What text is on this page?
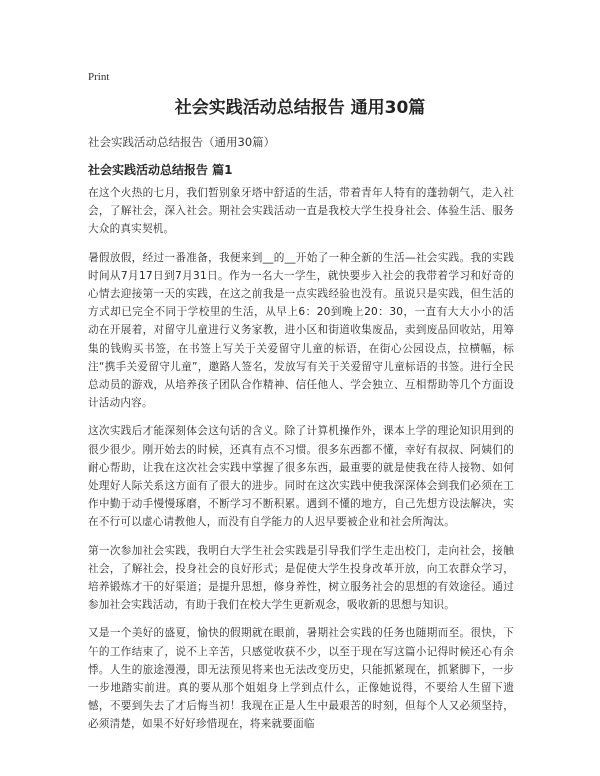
Print
社会实践活动总结报告 通用30篇
社会实践活动总结报告（通用30篇）
社会实践活动总结报告 篇1

在这个火热的七月，我们暂别象牙塔中舒适的生活，带着青年人特有的蓬勃朝气，走入社会，了解社会，深入社会。期社会实践活动一直是我校大学生投身社会、体验生活、服务大众的真实契机。

暑假放假，经过一番准备，我便来到__的__开始了一种全新的生活—社会实践。我的实践时间从7月17日到7月31日。作为一名大一学生，就快要步入社会的我带着学习和好奇的心情去迎接第一天的实践，在这之前我是一点实践经验也没有。虽说只是实践，但生活的方式却已完全不同于学校里的生活，从早上6：20到晚上20：30，一直有大大小小的活动在开展着，对留守儿童进行义务家教，进小区和街道收集废品，卖到废品回收站，用筹集的钱购买书签，在书签上写关于关爱留守儿童的标语，在街心公园设点，拉横幅，标注“携手关爱留守儿童”，邀路人签名，发放写有关于关爱留守儿童标语的书签。进行全民总动员的游戏，从培养孩子团队合作精神、信任他人、学会独立、互相帮助等几个方面设计活动内容。

这次实践后才能深刻体会这句话的含义。除了计算机操作外，课本上学的理论知识用到的很少很少。刚开始去的时候，还真有点不习惯。很多东西都不懂，幸好有叔叔、阿姨们的耐心帮助，让我在这次社会实践中掌握了很多东西，最重要的就是使我在待人接物、如何处理好人际关系这方面有了很大的进步。同时在这次实践中使我深深体会到我们必须在工作中勤于动手慢慢琢磨，不断学习不断积累。遇到不懂的地方，自己先想方设法解决，实在不行可以虚心请教他人，而没有自学能力的人迟早要被企业和社会所淘汰。

第一次参加社会实践，我明白大学生社会实践是引导我们学生走出校门，走向社会，接触社会，了解社会，投身社会的良好形式；是促使大学生投身改革开放，向工农群众学习，培养锻炼才干的好渠道；是提升思想，修身养性，树立服务社会的思想的有效途径。通过参加社会实践活动，有助于我们在校大学生更新观念，吸收新的思想与知识。

又是一个美好的盛夏，愉快的假期就在眼前，暑期社会实践的任务也随期而至。很快，下午的工作结束了，说不上辛苦，只感觉收获不少，以至于现在写这篇小记得时候还心有余悸。人生的旅途漫漫，即无法预见将来也无法改变历史，只能抓紧现在，抓紧脚下，一步一步地踏实前进。真的要从那个姐姐身上学到点什么，正像她说得，不要给人生留下遗憾，不要到失去了才后悔当初！我现在正是人生中最艰苦的时刻，但每个人又必须坚持，必须清楚，如果不好好珍惜现在，将来就要面临
